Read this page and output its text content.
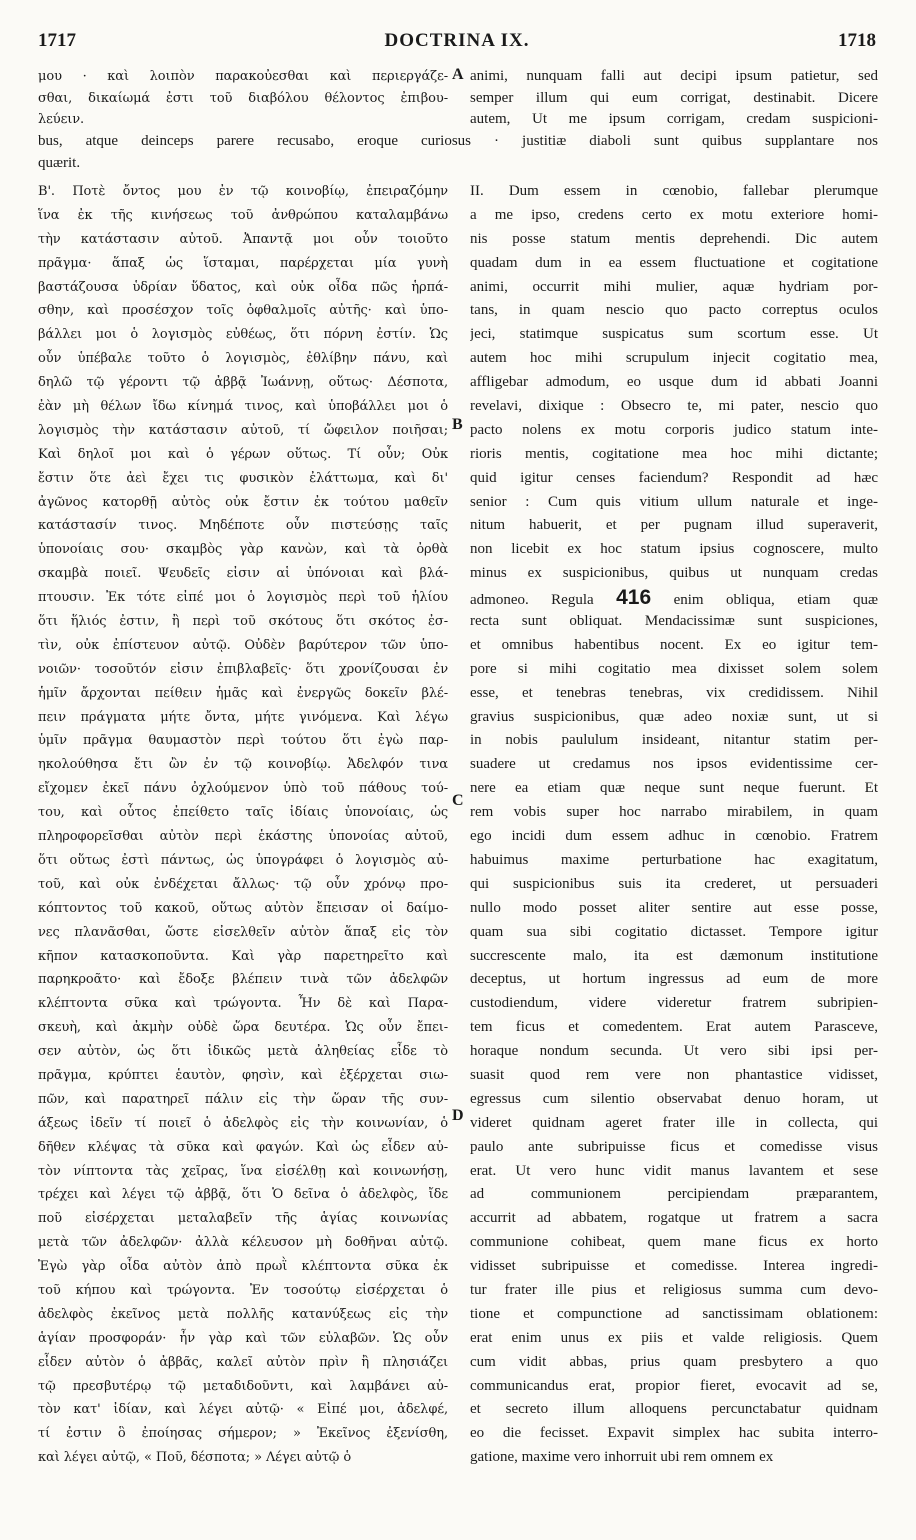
1717	DOCTRINA IX.	1718
μου · καὶ λοιπὸν παρακοὐεσθαι καὶ περιεργάζε-
σθαι, δικαίωμά ἐστι τοῦ διαβόλου θέλοντος ἐπιβου-
λεύειν.
A animi, nunquam falli aut decipi ipsum patietur, sed
semper illum qui eum corrigat, destinabit. Dicere
autem, Ut me ipsum corrigam, credam suspicioni-
bus, atque deinceps parere recusabo, eroque curiosus · justitiæ diaboli sunt quibus supplantare nos
quærit.
Β'. Ποτὲ ὄντος μου ἐν τῷ κοινοβίῳ, ἐπειραζόμην
ἵνα ἐκ τῆς κινήσεως τοῦ ἀνθρώπου καταλαμβάνω
τὴν κατάστασιν αὐτοῦ. Ἀπαντᾷ μοι οὖν τοιοῦτο
πρᾶγμα· ἅπαξ ὡς ἵσταμαι, παρέρχεται μία γυνὴ
βαστάζουσα ὑδρίαν ὕδατος, καὶ οὐκ οἶδα πῶς ἡρπά-
σθην, καὶ προσέσχον τοῖς ὀφθαλμοῖς αὐτῆς· καὶ ὑπο-
βάλλει μοι ὁ λογισμὸς εὐθέως, ὅτι πόρνη ἐστίν. Ὡς
οὖν ὑπέβαλε τοῦτο ὁ λογισμὸς, ἐθλίβην πάνυ, καὶ
δηλῶ τῷ γέροντι τῷ ἀββᾷ Ἰωάννῃ, οὕτως· Δέσποτα,
ἐὰν μὴ θέλων ἴδω κίνημά τινος, καὶ ὑποβάλλει μοι ὁ
λογισμὸς τὴν κατάστασιν αὐτοῦ, τί ὤφειλον ποιῆσαι;
Καὶ δηλοῖ μοι καὶ ὁ γέρων οὕτως. Τί οὖν; Οὐκ
ἔστιν ὅτε ἀεὶ ἔχει τις φυσικὸν ἐλάττωμα, καὶ δι'
ἀγῶνος κατορθῇ αὐτὸς οὐκ ἔστιν ἐκ τούτου μαθεῖν
κατάστασίν τινος. Μηδέποτε οὖν πιστεύσῃς ταῖς
ὑπονοίαις σου· σκαμβὸς γὰρ κανὼν, καὶ τὰ ὀρθὰ
σκαμβὰ ποιεῖ. Ψευδεῖς εἰσιν αἱ ὑπόνοιαι καὶ βλά-
πτουσιν. Ἐκ τότε εἰπέ μοι ὁ λογισμὸς περὶ τοῦ ἡλίου
ὅτι ἥλιός ἐστιν, ἢ περὶ τοῦ σκότους ὅτι σκότος ἐσ-
τὶν, οὐκ ἐπίστευον αὐτῷ. Οὐδὲν βαρύτερον τῶν ὑπο-
νοιῶν· τοσοῦτόν εἰσιν ἐπιβλαβεῖς· ὅτι χρονίζουσαι ἐν
ἡμῖν ἄρχονται πείθειν ἡμᾶς καὶ ἐνεργῶς δοκεῖν βλέ-
πειν πράγματα μήτε ὄντα, μήτε γινόμενα. Καὶ λέγω
ὑμῖν πρᾶγμα θαυμαστὸν περὶ τούτου ὅτι ἐγὼ παρ-
ηκολούθησα ἔτι ὢν ἐν τῷ κοινοβίῳ. Ἀδελφόν τινα
εἴχομεν ἐκεῖ πάνυ ὀχλούμενον ὑπὸ τοῦ πάθους τού-
του, καὶ οὗτος ἐπείθετο ταῖς ἰδίαις ὑπονοίαις, ὡς
πληροφορεῖσθαι αὐτὸν περὶ ἑκάστης ὑπονοίας αὐτοῦ,
ὅτι οὕτως ἐστὶ πάντως, ὡς ὑπογράφει ὁ λογισμὸς αὐ-
τοῦ, καὶ οὐκ ἐνδέχεται ἄλλως· τῷ οὖν χρόνῳ προ-
κόπτοντος τοῦ κακοῦ, οὕτως αὐτὸν ἔπεισαν οἱ δαίμο-
νες πλανᾶσθαι, ὥστε εἰσελθεῖν αὐτὸν ἅπαξ εἰς τὸν
κῆπον κατασκοποῦντα. Καὶ γὰρ παρετηρεῖτο καὶ
παρηκροᾶτο· καὶ ἔδοξε βλέπειν τινὰ τῶν ἀδελφῶν
κλέπτοντα σῦκα καὶ τρώγοντα. Ἦν δὲ καὶ Παρα-
σκευὴ, καὶ ἀκμὴν οὐδὲ ὥρα δευτέρα. Ὡς οὖν ἔπει-
σεν αὐτὸν, ὡς ὅτι ἰδικῶς μετὰ ἀληθείας εἶδε τὸ
πρᾶγμα, κρύπτει ἑαυτὸν, φησὶν, καὶ ἐξέρχεται σιω-
πῶν, καὶ παρατηρεῖ πάλιν εἰς τὴν ὥραν τῆς συν-
άξεως ἰδεῖν τί ποιεῖ ὁ ἀδελφὸς εἰς τὴν κοινωνίαν, ὁ
δῆθεν κλέψας τὰ σῦκα καὶ φαγών. Καὶ ὡς εἶδεν αὐ-
τὸν νίπτοντα τὰς χεῖρας, ἵνα εἰσέλθῃ καὶ κοινωνήσῃ,
τρέχει καὶ λέγει τῷ ἀββᾷ, ὅτι Ὁ δεῖνα ὁ ἀδελφὸς, ἴδε
ποῦ εἰσέρχεται μεταλαβεῖν τῆς ἁγίας κοινωνίας
μετὰ τῶν ἀδελφῶν· ἀλλὰ κέλευσον μὴ δοθῆναι αὐτῷ.
Ἐγὼ γὰρ οἶδα αὐτὸν ἀπὸ πρωῒ κλέπτοντα σῦκα ἐκ
τοῦ κήπου καὶ τρώγοντα. Ἐν τοσούτῳ εἰσέρχεται ὁ
ἀδελφὸς ἐκεῖνος μετὰ πολλῆς κατανύξεως εἰς τὴν
ἁγίαν προσφοράν· ἦν γὰρ καὶ τῶν εὐλαβῶν. Ὡς οὖν
εἶδεν αὐτὸν ὁ ἀββᾶς, καλεῖ αὐτὸν πρὶν ἢ πλησιάζει
τῷ πρεσβυτέρῳ τῷ μεταδιδοῦντι, καὶ λαμβάνει αὐ-
τὸν κατ' ἰδίαν, καὶ λέγει αὐτῷ· « Εἰπέ μοι, ἀδελφέ,
τί ἐστιν ὃ ἐποίησας σήμερον; » Ἐκεῖνος ἐξενίσθη,
καὶ λέγει αὐτῷ, « Ποῦ, δέσποτα; » Λέγει αὐτῷ ὁ
II. Dum essem in cœnobio, fallebar plerumque
a me ipso, credens certo ex motu exteriore homi-
nis posse statum mentis deprehendi. Dic autem
quadam dum in ea essem fluctuatione et cogitatione
animi, occurrit mihi mulier, aquæ hydriam por-
tans, in quam nescio quo pacto correptus oculos
jeci, statimque suspicatus sum scortum esse. Ut
autem hoc mihi scrupulum injecit cogitatio mea,
affligebar admodum, eo usque dum id abbati Joanni
revelavi, dixique : Obsecro te, mi pater, nescio quo
pacto nolens ex motu corporis judico statum inte-
rioris mentis, cogitatione mea hoc mihi dictante;
quid igitur censes faciendum? Respondit ad hæc
senior : Cum quis vitium ullum naturale et inge-
nitum habuerit, et per pugnam illud superaverit,
non licebit ex hoc statum ipsius cognoscere, multo
minus ex suspicionibus, quibus ut nunquam credas
admoneo. Regula 416 enim obliqua, etiam quæ
recta sunt obliquat. Mendacissimæ sunt suspiciones,
et omnibus habentibus nocent. Ex eo igitur tem-
pore si mihi cogitatio mea dixisset solem solem
esse, et tenebras tenebras, vix credidissem. Nihil
gravius suspicionibus, quæ adeo noxiæ sunt, ut si
in nobis paululum insideant, nitantur statim per-
suadere ut credamus nos ipsos evidentissime cer-
nere ea etiam quæ neque sunt neque fuerunt. Et
rem vobis super hoc narrabo mirabilem, in quam
ego incidi dum essem adhuc in cœnobio. Fratrem
habuimus maxime perturbatione hac exagitatum,
qui suspicionibus suis ita crederet, ut persuaderi
nullo modo posset aliter sentire aut esse posse,
quam sua sibi cogitatio dictasset. Tempore igitur
succrescente malo, ita est dæmonum institutione
deceptus, ut hortum ingressus ad eum de more
custodiendum, videre videretur fratrem subripien-
tem ficus et comedentem. Erat autem Parasceve,
horaque nondum secunda. Ut vero sibi ipsi per-
suasit quod rem vere non phantastice vidisset,
egressus cum silentio observabat denuo horam, ut
videret quidnam ageret frater ille in collecta, qui
paulo ante subripuisse ficus et comedisse visus
erat. Ut vero hunc vidit manus lavantem et sese
ad communionem percipiendam præparantem,
accurrit ad abbatem, rogatque ut fratrem a sacra
communione cohibeat, quem mane ficus ex horto
vidisset subripuisse et comedisse. Interea ingredi-
tur frater ille pius et religiosus summa cum devo-
tione et compunctione ad sanctissimam oblationem:
erat enim unus ex piis et valde religiosis. Quem
cum vidit abbas, prius quam presbytero a quo
communicandus erat, propior fieret, evocavit ad se,
et secreto illum alloquens percunctabatur quidnam
eo die fecisset. Expavit simplex hac subita interro-
gatione, maxime vero inhorruit ubi rem omnem ex
B
C
D
